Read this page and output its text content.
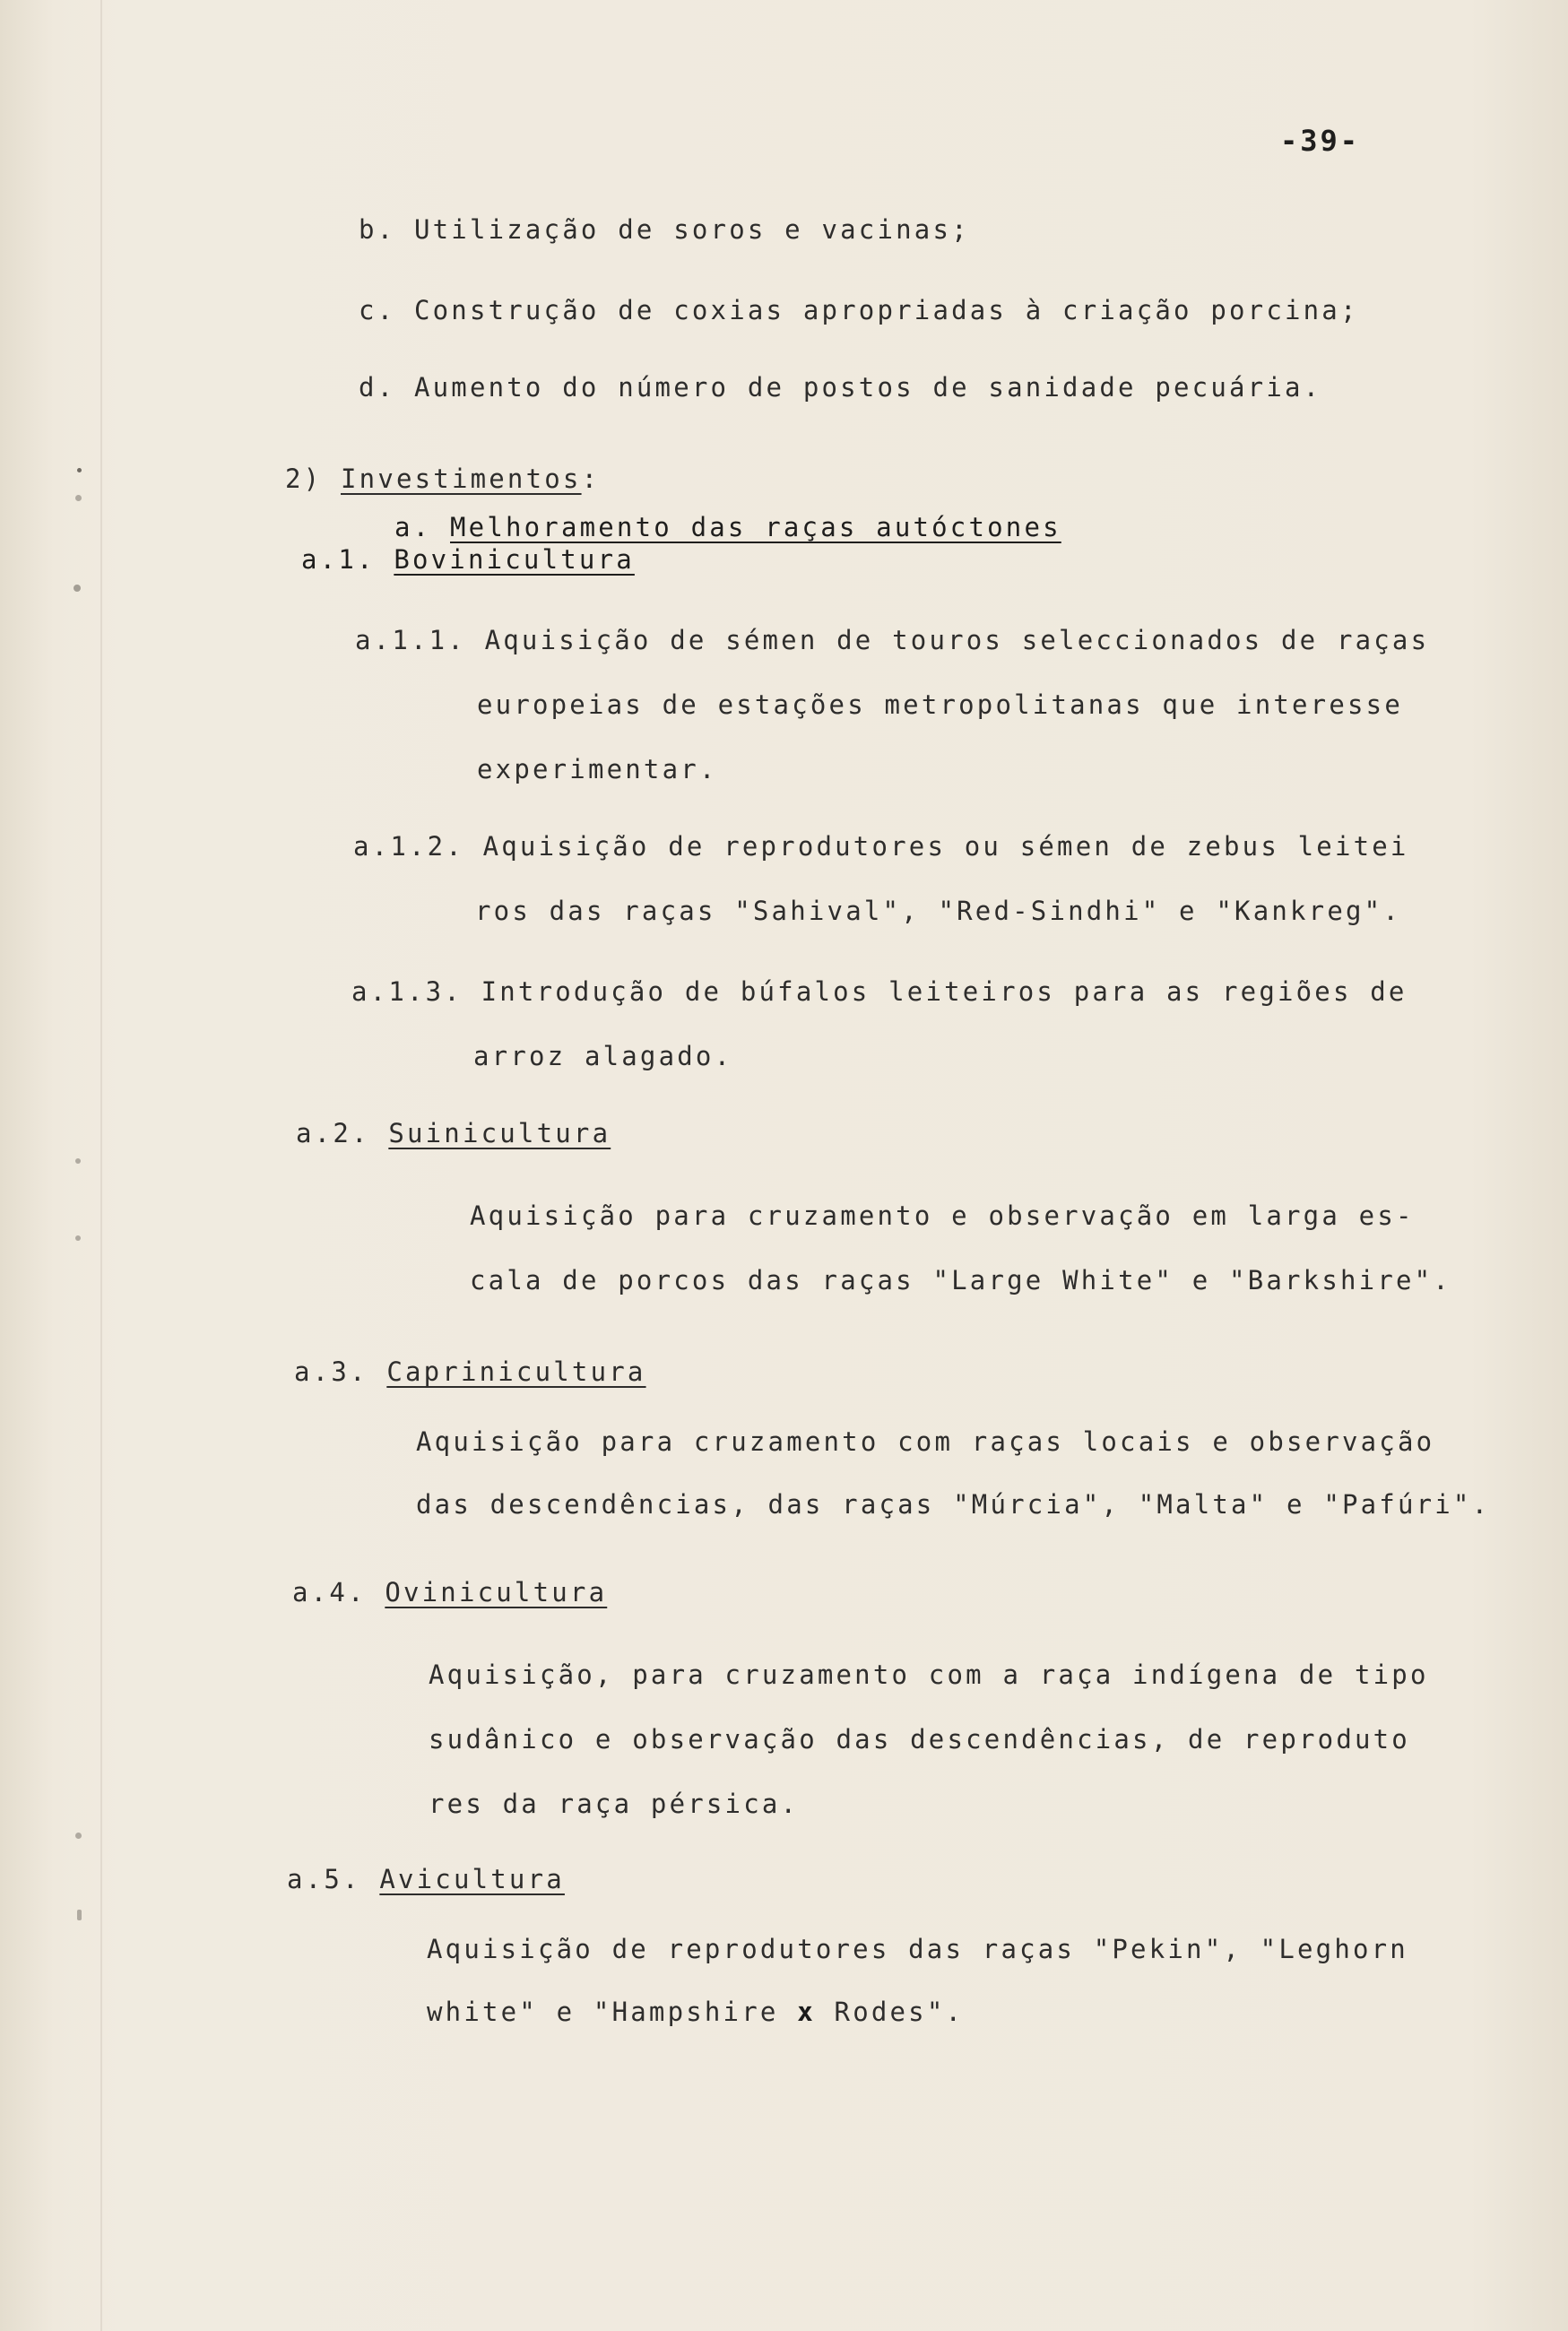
-39-
b. Utilização de soros e vacinas;
c. Construção de coxias apropriadas à criação porcina;
d. Aumento do número de postos de sanidade pecuária.
2) Investimentos:
a. Melhoramento das raças autóctones
a.1. Bovinicultura
a.1.1. Aquisição de sémen de touros seleccionados de raças
europeias de estações metropolitanas que interesse
experimentar.
a.1.2. Aquisição de reprodutores ou sémen de zebus leitei
ros das raças "Sahival", "Red-Sindhi" e "Kankreg".
a.1.3. Introdução de búfalos leiteiros para as regiões de
arroz alagado.
a.2. Suinicultura
Aquisição para cruzamento e observação em larga es-
cala de porcos das raças "Large White" e "Barkshire".
a.3. Caprinicultura
Aquisição para cruzamento com raças locais e observação
das descendências, das raças "Múrcia", "Malta" e "Pafúri".
a.4. Ovinicultura
Aquisição, para cruzamento com a raça indígena de tipo
sudânico e observação das descendências, de reproduto
res da raça pérsica.
a.5. Avicultura
Aquisição de reprodutores das raças "Pekin", "Leghorn
white" e "Hampshire x Rodes".
